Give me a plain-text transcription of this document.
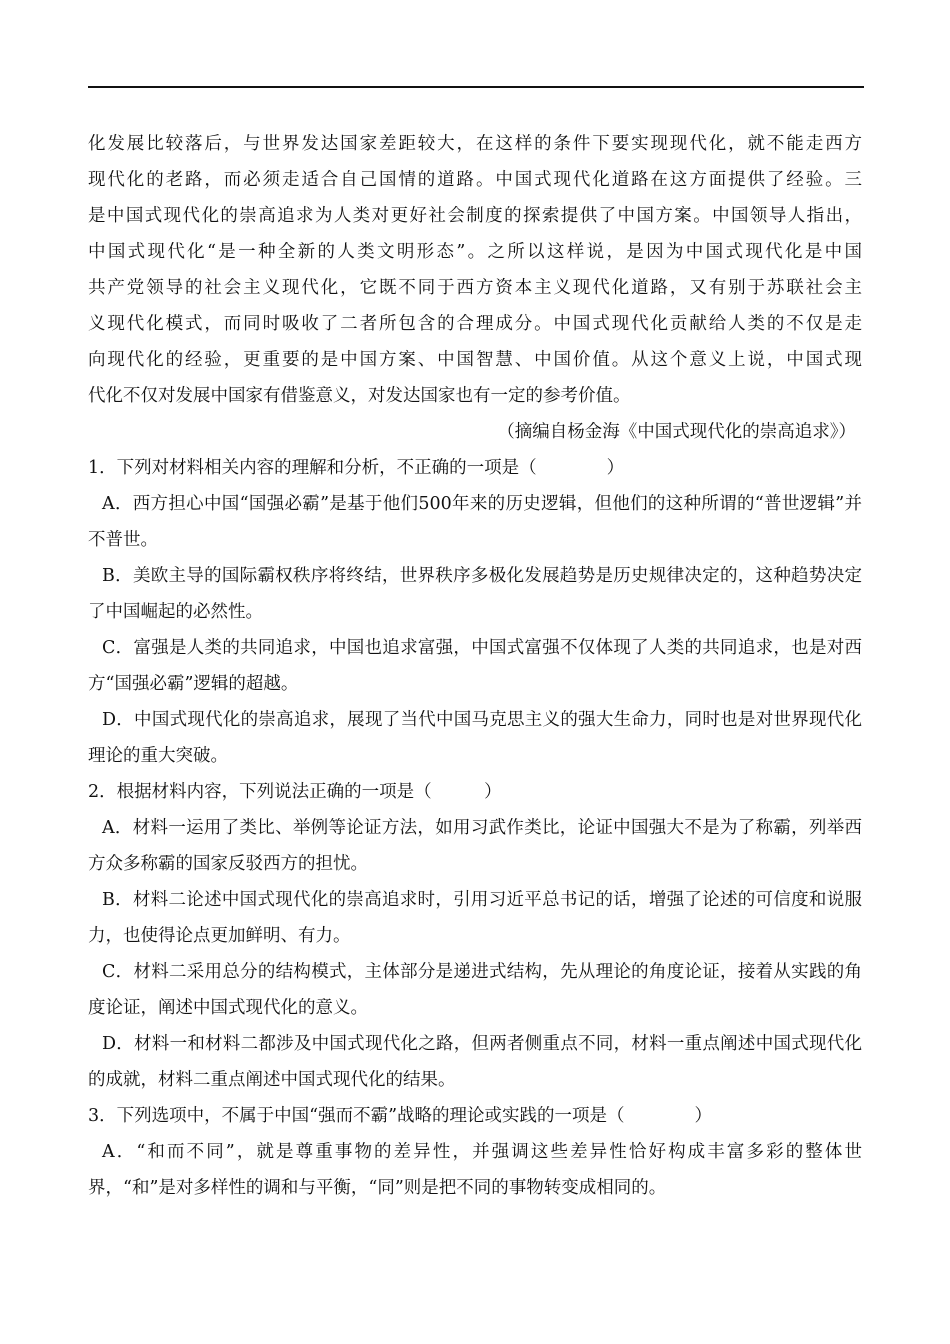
化发展比较落后，与世界发达国家差距较大，在这样的条件下要实现现代化，就不能走西方

现代化的老路，而必须走适合自己国情的道路。中国式现代化道路在这方面提供了经验。三

是中国式现代化的崇高追求为人类对更好社会制度的探索提供了中国方案。中国领导人指出，

中国式现代化“是一种全新的人类文明形态”。之所以这样说，是因为中国式现代化是中国

共产党领导的社会主义现代化，它既不同于西方资本主义现代化道路，又有别于苏联社会主

义现代化模式，而同时吸收了二者所包含的合理成分。中国式现代化贡献给人类的不仅是走

向现代化的经验，更重要的是中国方案、中国智慧、中国价值。从这个意义上说，中国式现

代化不仅对发展中国家有借鉴意义，对发达国家也有一定的参考价值。

（摘编自杨金海《中国式现代化的崇高追求》）

1．下列对材料相关内容的理解和分析，不正确的一项是（　　　　）

A．西方担心中国“国强必霸”是基于他们500年来的历史逻辑，但他们的这种所谓的“普世逻辑”并不普世。

B．美欧主导的国际霸权秩序将终结，世界秩序多极化发展趋势是历史规律决定的，这种趋势决定了中国崛起的必然性。

C．富强是人类的共同追求，中国也追求富强，中国式富强不仅体现了人类的共同追求，也是对西方“国强必霸”逻辑的超越。

D．中国式现代化的崇高追求，展现了当代中国马克思主义的强大生命力，同时也是对世界现代化理论的重大突破。

2．根据材料内容，下列说法正确的一项是（　　　）

A．材料一运用了类比、举例等论证方法，如用习武作类比，论证中国强大不是为了称霸，列举西方众多称霸的国家反驳西方的担忧。

B．材料二论述中国式现代化的崇高追求时，引用习近平总书记的话，增强了论述的可信度和说服力，也使得论点更加鲜明、有力。

C．材料二采用总分的结构模式，主体部分是递进式结构，先从理论的角度论证，接着从实践的角度论证，阐述中国式现代化的意义。

D．材料一和材料二都涉及中国式现代化之路，但两者侧重点不同，材料一重点阐述中国式现代化的成就，材料二重点阐述中国式现代化的结果。

3．下列选项中，不属于中国“强而不霸”战略的理论或实践的一项是（　　　　）

A．“和而不同”，就是尊重事物的差异性，并强调这些差异性恰好构成丰富多彩的整体世界，“和”是对多样性的调和与平衡，“同”则是把不同的事物转变成相同的。
